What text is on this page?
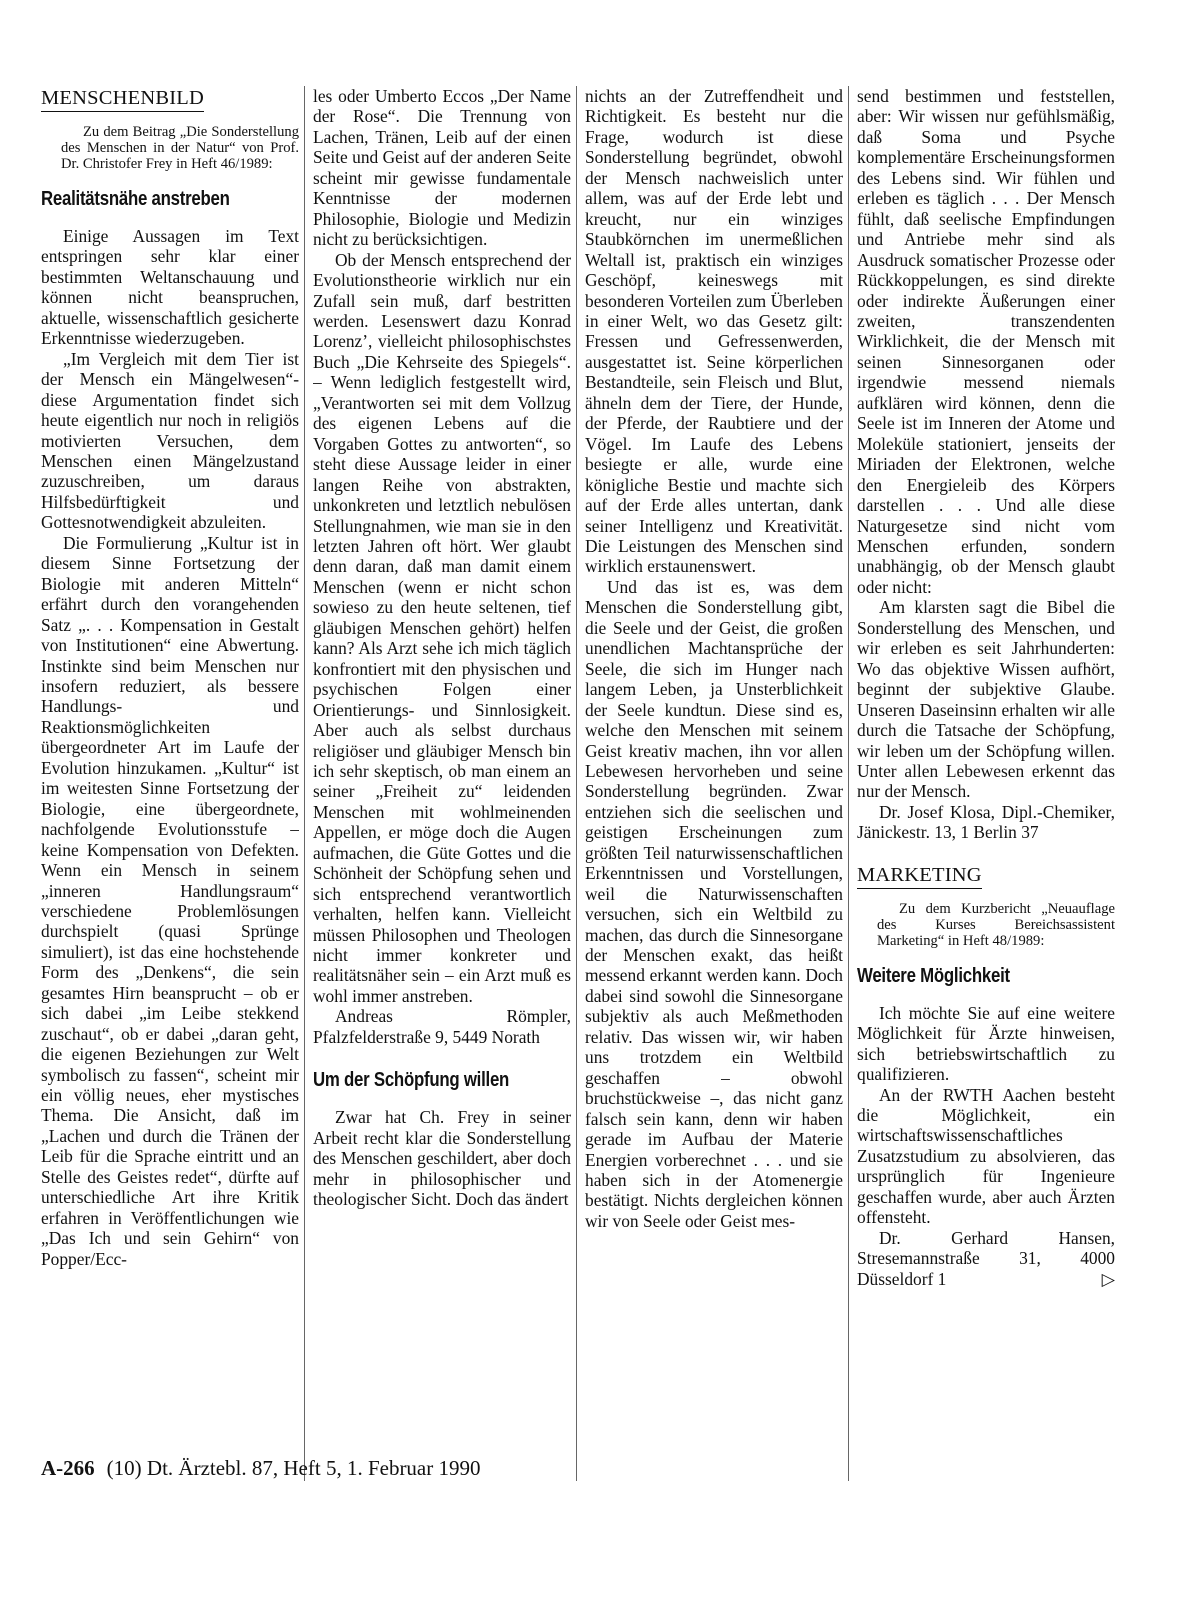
MENSCHENBILD

Zu dem Beitrag „Die Sonderstellung des Menschen in der Natur“ von Prof. Dr. Christofer Frey in Heft 46/1989:

Realitätsnähe anstreben

Einige Aussagen im Text entspringen sehr klar einer bestimmten Weltanschauung und können nicht beanspruchen, aktuelle, wissenschaftlich gesicherte Erkenntnisse wiederzugeben.

„Im Vergleich mit dem Tier ist der Mensch ein Mängelwesen“- diese Argumentation findet sich heute eigentlich nur noch in religiös motivierten Versuchen, dem Menschen einen Mängelzustand zuzuschreiben, um daraus Hilfsbedürftigkeit und Gottesnotwendigkeit abzuleiten.

Die Formulierung „Kultur ist in diesem Sinne Fortsetzung der Biologie mit anderen Mitteln“ erfährt durch den vorangehenden Satz „. . . Kompensation in Gestalt von Institutionen“ eine Abwertung. Instinkte sind beim Menschen nur insofern reduziert, als bessere Handlungs- und Reaktionsmöglichkeiten übergeordneter Art im Laufe der Evolution hinzukamen. „Kultur“ ist im weitesten Sinne Fortsetzung der Biologie, eine übergeordnete, nachfolgende Evolutionsstufe – keine Kompensation von Defekten. Wenn ein Mensch in seinem „inneren Handlungsraum“ verschiedene Problemlösungen durchspielt (quasi Sprünge simuliert), ist das eine hochstehende Form des „Denkens“, die sein gesamtes Hirn beansprucht – ob er sich dabei „im Leibe stekkend zuschaut“, ob er dabei „daran geht, die eigenen Beziehungen zur Welt symbolisch zu fassen“, scheint mir ein völlig neues, eher mystisches Thema. Die Ansicht, daß im „Lachen und durch die Tränen der Leib für die Sprache eintritt und an Stelle des Geistes redet“, dürfte auf unterschiedliche Art ihre Kritik erfahren in Veröffentlichungen wie „Das Ich und sein Gehirn“ von Popper/Ecc-

les oder Umberto Eccos „Der Name der Rose“. Die Trennung von Lachen, Tränen, Leib auf der einen Seite und Geist auf der anderen Seite scheint mir gewisse fundamentale Kenntnisse der modernen Philosophie, Biologie und Medizin nicht zu berücksichtigen.

Ob der Mensch entsprechend der Evolutionstheorie wirklich nur ein Zufall sein muß, darf bestritten werden. Lesenswert dazu Konrad Lorenz’, vielleicht philosophischstes Buch „Die Kehrseite des Spiegels“. – Wenn lediglich festgestellt wird, „Verantworten sei mit dem Vollzug des eigenen Lebens auf die Vorgaben Gottes zu antworten“, so steht diese Aussage leider in einer langen Reihe von abstrakten, unkonkreten und letztlich nebulösen Stellungnahmen, wie man sie in den letzten Jahren oft hört. Wer glaubt denn daran, daß man damit einem Menschen (wenn er nicht schon sowieso zu den heute seltenen, tief gläubigen Menschen gehört) helfen kann? Als Arzt sehe ich mich täglich konfrontiert mit den physischen und psychischen Folgen einer Orientierungs- und Sinnlosigkeit. Aber auch als selbst durchaus religiöser und gläubiger Mensch bin ich sehr skeptisch, ob man einem an seiner „Freiheit zu“ leidenden Menschen mit wohlmeinenden Appellen, er möge doch die Augen aufmachen, die Güte Gottes und die Schönheit der Schöpfung sehen und sich entsprechend verantwortlich verhalten, helfen kann. Vielleicht müssen Philosophen und Theologen nicht immer konkreter und realitätsnäher sein – ein Arzt muß es wohl immer anstreben.

Andreas Römpler, Pfalzfelderstraße 9, 5449 Norath

Um der Schöpfung willen

Zwar hat Ch. Frey in seiner Arbeit recht klar die Sonderstellung des Menschen geschildert, aber doch mehr in philosophischer und theologischer Sicht. Doch das ändert

nichts an der Zutreffendheit und Richtigkeit. Es besteht nur die Frage, wodurch ist diese Sonderstellung begründet, obwohl der Mensch nachweislich unter allem, was auf der Erde lebt und kreucht, nur ein winziges Staubkörnchen im unermeßlichen Weltall ist, praktisch ein winziges Geschöpf, keineswegs mit besonderen Vorteilen zum Überleben in einer Welt, wo das Gesetz gilt: Fressen und Gefressenwerden, ausgestattet ist. Seine körperlichen Bestandteile, sein Fleisch und Blut, ähneln dem der Tiere, der Hunde, der Pferde, der Raubtiere und der Vögel. Im Laufe des Lebens besiegte er alle, wurde eine königliche Bestie und machte sich auf der Erde alles untertan, dank seiner Intelligenz und Kreativität. Die Leistungen des Menschen sind wirklich erstaunenswert.

Und das ist es, was dem Menschen die Sonderstellung gibt, die Seele und der Geist, die großen unendlichen Machtansprüche der Seele, die sich im Hunger nach langem Leben, ja Unsterblichkeit der Seele kundtun. Diese sind es, welche den Menschen mit seinem Geist kreativ machen, ihn vor allen Lebewesen hervorheben und seine Sonderstellung begründen. Zwar entziehen sich die seelischen und geistigen Erscheinungen zum größten Teil naturwissenschaftlichen Erkenntnissen und Vorstellungen, weil die Naturwissenschaften versuchen, sich ein Weltbild zu machen, das durch die Sinnesorgane der Menschen exakt, das heißt messend erkannt werden kann. Doch dabei sind sowohl die Sinnesorgane subjektiv als auch Meßmethoden relativ. Das wissen wir, wir haben uns trotzdem ein Weltbild geschaffen – obwohl bruchstückweise –, das nicht ganz falsch sein kann, denn wir haben gerade im Aufbau der Materie Energien vorberechnet . . . und sie haben sich in der Atomenergie bestätigt. Nichts dergleichen können wir von Seele oder Geist mes-

send bestimmen und feststellen, aber: Wir wissen nur gefühlsmäßig, daß Soma und Psyche komplementäre Erscheinungsformen des Lebens sind. Wir fühlen und erleben es täglich . . . Der Mensch fühlt, daß seelische Empfindungen und Antriebe mehr sind als Ausdruck somatischer Prozesse oder Rückkoppelungen, es sind direkte oder indirekte Äußerungen einer zweiten, transzendenten Wirklichkeit, die der Mensch mit seinen Sinnesorganen oder irgendwie messend niemals aufklären wird können, denn die Seele ist im Inneren der Atome und Moleküle stationiert, jenseits der Miriaden der Elektronen, welche den Energieleib des Körpers darstellen . . . Und alle diese Naturgesetze sind nicht vom Menschen erfunden, sondern unabhängig, ob der Mensch glaubt oder nicht:

Am klarsten sagt die Bibel die Sonderstellung des Menschen, und wir erleben es seit Jahrhunderten: Wo das objektive Wissen aufhört, beginnt der subjektive Glaube. Unseren Daseinsinn erhalten wir alle durch die Tatsache der Schöpfung, wir leben um der Schöpfung willen. Unter allen Lebewesen erkennt das nur der Mensch.

Dr. Josef Klosa, Dipl.-Chemiker, Jänickestr. 13, 1 Berlin 37

MARKETING

Zu dem Kurzbericht „Neuauflage des Kurses Bereichsassistent Marketing“ in Heft 48/1989:

Weitere Möglichkeit

Ich möchte Sie auf eine weitere Möglichkeit für Ärzte hinweisen, sich betriebswirtschaftlich zu qualifizieren.

An der RWTH Aachen besteht die Möglichkeit, ein wirtschaftswissenschaftliches Zusatzstudium zu absolvieren, das ursprünglich für Ingenieure geschaffen wurde, aber auch Ärzten offensteht.

Dr. Gerhard Hansen, Stresemannstraße 31, 4000 Düsseldorf 1	▷

A-266 (10) Dt. Ärztebl. 87, Heft 5, 1. Februar 1990
